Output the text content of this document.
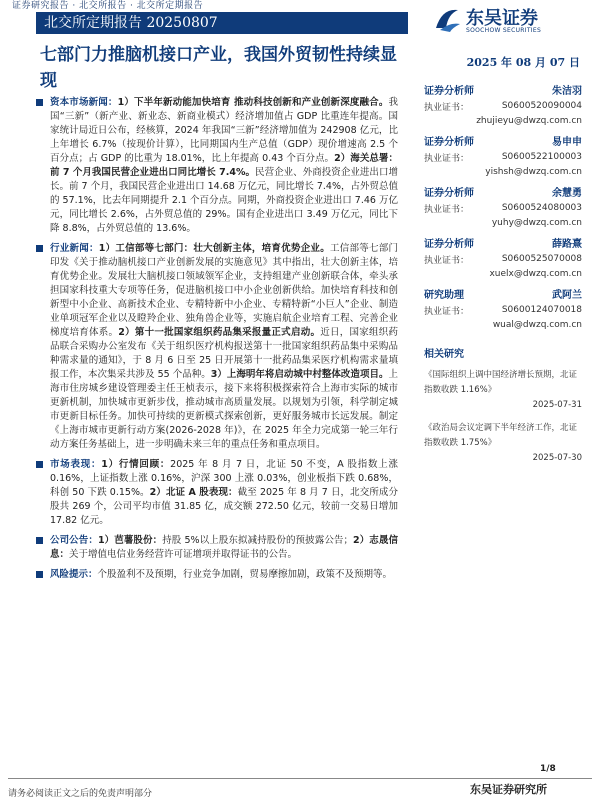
证券研究报告 · 北交所报告 · 北交所定期报告
北交所定期报告 20250807	东吴证券
SOOCHOW SECURITIES
七部门力推脑机接口产业，我国外贸韧性持续显现
2025 年 08 月 07 日
资本市场新闻：1）下半年新动能加快培育 推动科技创新和产业创新深度融合。我国“三新”（新产业、新业态、新商业模式）经济增加值占 GDP 比重连年提高。国家统计局近日公布，经核算，2024 年我国“三新”经济增加值为 242908 亿元，比上年增长 6.7%（按现价计算），比同期国内生产总值（GDP）现价增速高 2.5 个百分点；占 GDP 的比重为 18.01%，比上年提高 0.43 个百分点。2）海关总署：前 7 个月我国民营企业进出口同比增长 7.4%。民营企业、外商投资企业进出口增长。前 7 个月，我国民营企业进出口 14.68 万亿元，同比增长 7.4%，占外贸总值的 57.1%，比去年同期提升 2.1 个百分点。同期，外商投资企业进出口 7.46 万亿元，同比增长 2.6%，占外贸总值的 29%。国有企业进出口 3.49 万亿元，同比下降 8.8%，占外贸总值的 13.6%。
行业新闻：1）工信部等七部门：壮大创新主体，培育优势企业。工信部等七部门印发《关于推动脑机接口产业创新发展的实施意见》其中指出，壮大创新主体，培育优势企业。发展壮大脑机接口领域领军企业，支持组建产业创新联合体，牵头承担国家科技重大专项等任务，促进脑机接口中小企业创新供给。加快培育科技和创新型中小企业、高新技术企业、专精特新中小企业、专精特新“小巨人”企业、制造业单项冠军企业以及瞪羚企业、独角兽企业等，实施启航企业培育工程、完善企业梯度培育体系。2）第十一批国家组织药品集采报量正式启动。近日，国家组织药品联合采购办公室发布《关于组织医疗机构报送第十一批国家组织药品集中采购品种需求量的通知》，于 8 月 6 日至 25 日开展第十一批药品集采医疗机构需求量填报工作，本次集采共涉及 55 个品种。3）上海明年将启动城中村整体改造项目。上海市住房城乡建设管理委主任王桢表示，接下来将积极探索符合上海市实际的城市更新机制，加快城市更新步伐，推动城市高质量发展。以规划为引领，科学制定城市更新目标任务。加快可持续的更新模式探索创新，更好服务城市长远发展。制定《上海市城市更新行动方案(2026-2028 年)》，在 2025 年全力完成第一轮三年行动方案任务基础上，进一步明确未来三年的重点任务和重点项目。
市场表现：1）行情回顾：2025 年 8 月 7 日，北证 50 不变，A 股指数上涨 0.16%，上证指数上涨 0.16%，沪深 300 上涨 0.03%，创业板指下跌 0.68%，科创 50 下跌 0.15%。2）北证 A 股表现：截至 2025 年 8 月 7 日，北交所成分股共 269 个，公司平均市值 31.85 亿，成交额 272.50 亿元，较前一交易日增加 17.82 亿元。
公司公告：1）芭薯股份：持股 5%以上股东拟减持股份的预披露公告；2）志晟信息：关于增值电信业务经营许可证增项并取得证书的公告。
风险提示：个股盈利不及预期，行业竞争加剧，贸易摩擦加剧，政策不及预期等。
证券分析师	朱洁羽
执业证书：	S0600520090004
zhujieyu@dwzq.com.cn
证券分析师	易申申
执业证书：	S0600522100003
yishsh@dwzq.com.cn
证券分析师	余慧勇
执业证书：	S0600524080003
yuhy@dwzq.com.cn
证券分析师	薛路熹
执业证书：	S0600525070008
xuelx@dwzq.com.cn
研究助理	武阿兰
执业证书：	S0600124070018
wual@dwzq.com.cn
相关研究
《国际组织上调中国经济增长预期，北证指数收跌 1.16%》
2025-07-31
《政治局会议定调下半年经济工作，北证指数收跌 1.75%》
2025-07-30
1/8
请务必阅读正文之后的免责声明部分	东吴证券研究所
